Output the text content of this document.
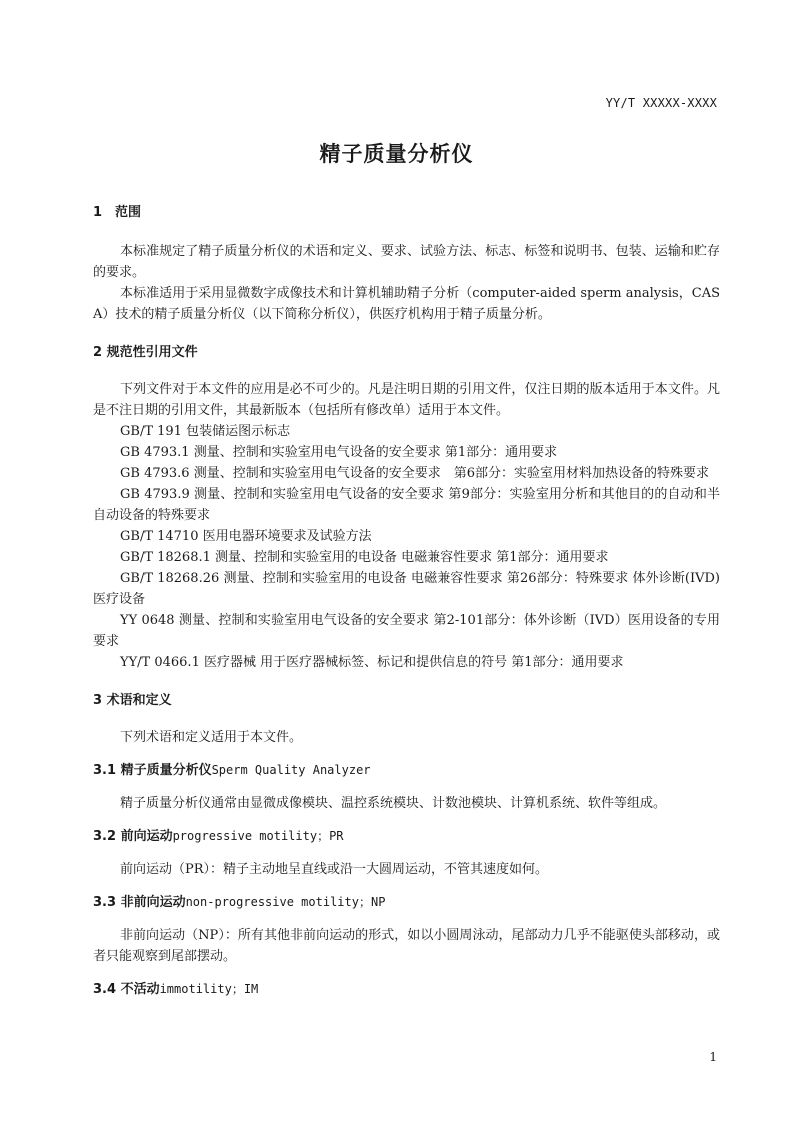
YY/T XXXXX-XXXX
精子质量分析仪
1　范围
本标准规定了精子质量分析仪的术语和定义、要求、试验方法、标志、标签和说明书、包装、运输和贮存的要求。
本标准适用于采用显微数字成像技术和计算机辅助精子分析（computer-aided sperm analysis，CASA）技术的精子质量分析仪（以下简称分析仪），供医疗机构用于精子质量分析。
2 规范性引用文件
下列文件对于本文件的应用是必不可少的。凡是注明日期的引用文件，仅注日期的版本适用于本文件。凡是不注日期的引用文件，其最新版本（包括所有修改单）适用于本文件。
GB/T 191 包装储运图示标志
GB 4793.1 测量、控制和实验室用电气设备的安全要求 第1部分：通用要求
GB 4793.6 测量、控制和实验室用电气设备的安全要求　第6部分：实验室用材料加热设备的特殊要求
GB 4793.9 测量、控制和实验室用电气设备的安全要求 第9部分：实验室用分析和其他目的的自动和半自动设备的特殊要求
GB/T 14710 医用电器环境要求及试验方法
GB/T 18268.1 测量、控制和实验室用的电设备 电磁兼容性要求 第1部分：通用要求
GB/T 18268.26 测量、控制和实验室用的电设备 电磁兼容性要求 第26部分：特殊要求 体外诊断(IVD)医疗设备
YY 0648 测量、控制和实验室用电气设备的安全要求 第2-101部分：体外诊断（IVD）医用设备的专用要求
YY/T 0466.1 医疗器械 用于医疗器械标签、标记和提供信息的符号 第1部分：通用要求
3 术语和定义
下列术语和定义适用于本文件。
3.1 精子质量分析仪Sperm Quality Analyzer
精子质量分析仪通常由显微成像模块、温控系统模块、计数池模块、计算机系统、软件等组成。
3.2 前向运动progressive motility；PR
前向运动（PR）：精子主动地呈直线或沿一大圆周运动，不管其速度如何。
3.3 非前向运动non-progressive motility；NP
非前向运动（NP）：所有其他非前向运动的形式，如以小圆周泳动，尾部动力几乎不能驱使头部移动，或者只能观察到尾部摆动。
3.4 不活动immotility；IM
1
